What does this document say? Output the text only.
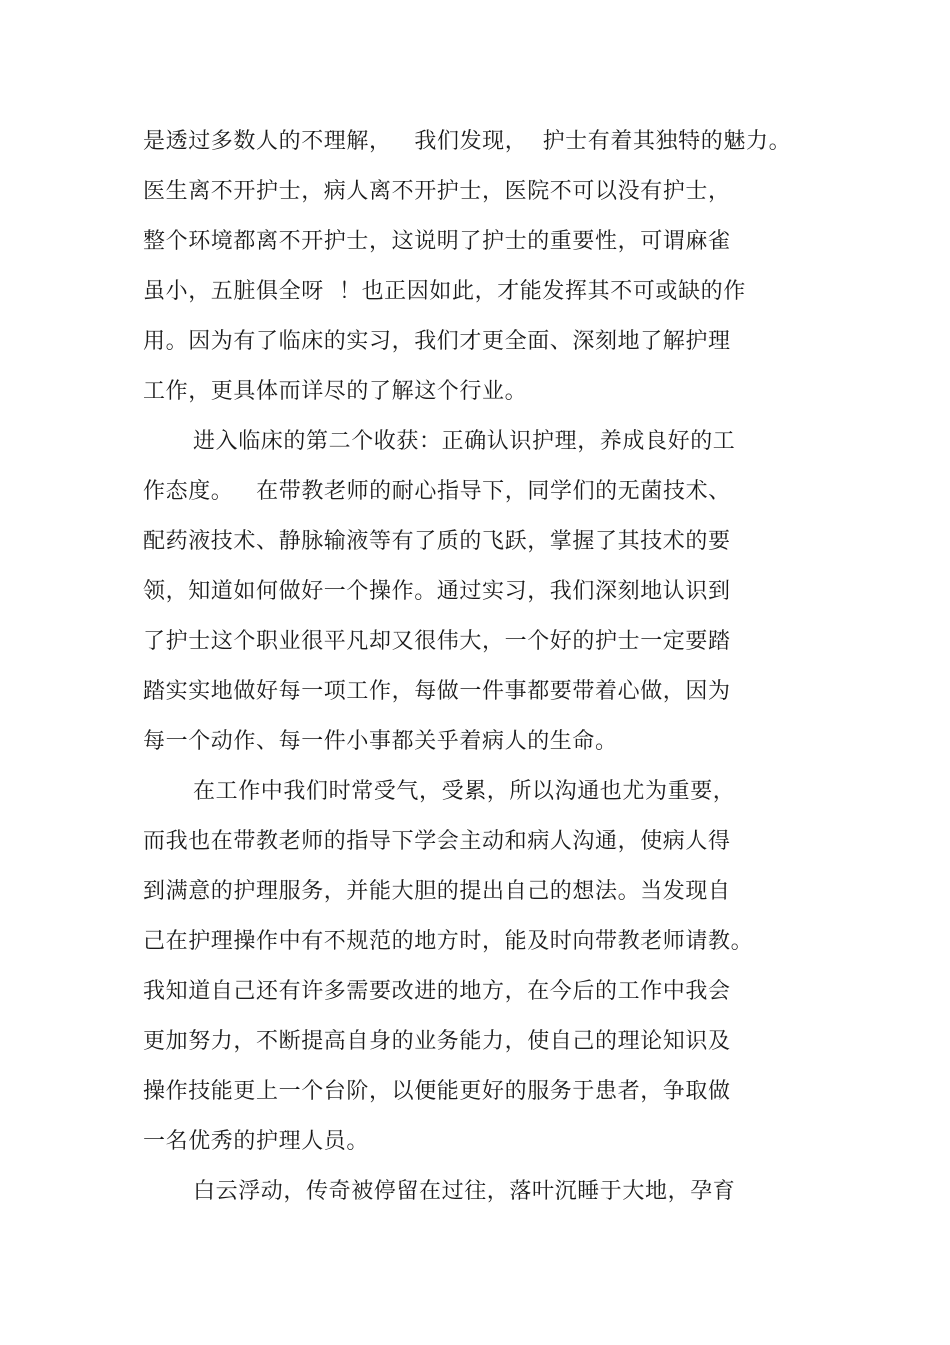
是透过多数人的不理解，   我们发现，  护士有着其独特的魅力。
医生离不开护士，病人离不开护士，医院不可以没有护士，
整个环境都离不开护士，这说明了护士的重要性，可谓麻雀
虽小，五脏俱全呀  ！也正因如此，才能发挥其不可或缺的作
用。因为有了临床的实习，我们才更全面、深刻地了解护理
工作，更具体而详尽的了解这个行业。
进入临床的第二个收获：正确认识护理，养成良好的工
作态度。   在带教老师的耐心指导下，同学们的无菌技术、
配药液技术、静脉输液等有了质的飞跃，掌握了其技术的要
领，知道如何做好一个操作。通过实习，我们深刻地认识到
了护士这个职业很平凡却又很伟大，一个好的护士一定要踏
踏实实地做好每一项工作，每做一件事都要带着心做，因为
每一个动作、每一件小事都关乎着病人的生命。
在工作中我们时常受气，受累，所以沟通也尤为重要，
而我也在带教老师的指导下学会主动和病人沟通，使病人得
到满意的护理服务，并能大胆的提出自己的想法。当发现自
己在护理操作中有不规范的地方时，能及时向带教老师请教。
我知道自己还有许多需要改进的地方，在今后的工作中我会
更加努力，不断提高自身的业务能力，使自己的理论知识及
操作技能更上一个台阶，以便能更好的服务于患者，争取做
一名优秀的护理人员。
白云浮动，传奇被停留在过往，落叶沉睡于大地，孕育
